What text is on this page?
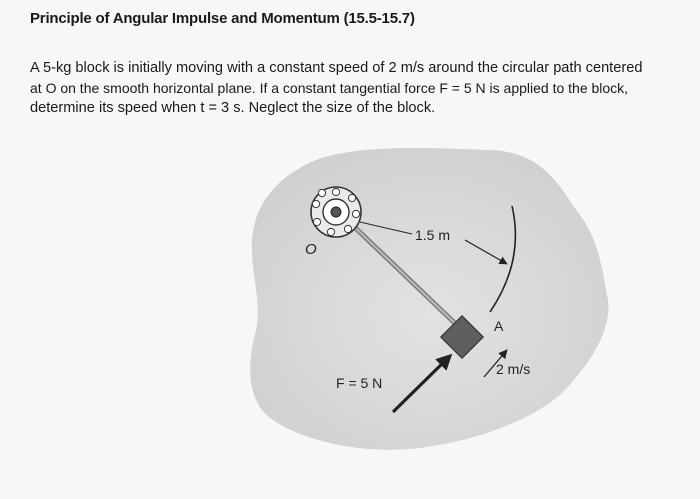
Principle of Angular Impulse and Momentum (15.5-15.7)
A 5-kg block is initially moving with a constant speed of 2 m/s around the circular path centered
at O on the smooth horizontal plane. If a constant tangential force F = 5 N is applied to the block,
determine its speed when t = 3 s. Neglect the size of the block.
O
1.5 m
A
F = 5 N
2 m/s
